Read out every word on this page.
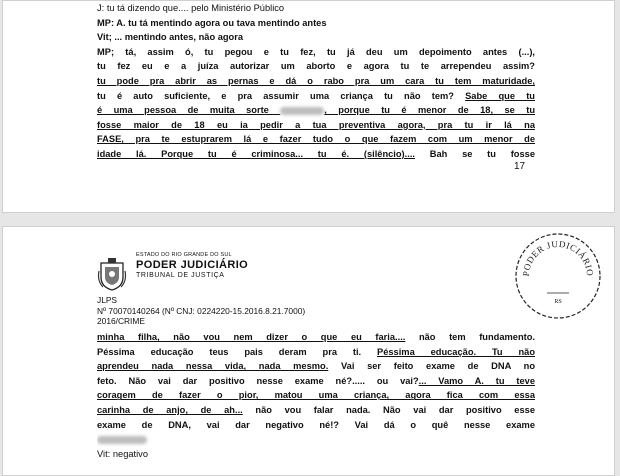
J: tu tá dizendo que.... pelo Ministério Público
MP: A. tu tá mentindo agora ou tava mentindo antes
Vit; ... mentindo antes, não agora
MP; tá, assim ó, tu pegou e tu fez, tu já deu um depoimento antes (...),
tu fez eu e a juíza autorizar um aborto e agora tu te arrependeu assim?
tu pode pra abrir as pernas e dá o rabo pra um cara tu tem maturidade,
tu é auto suficiente, e pra assumir uma criança tu não tem? Sabe que tu
é uma pessoa de muita sorte	, porque tu é menor de 18, se tu
fosse maior de 18 eu ia pedir a tua preventiva agora, pra tu ir lá na
FASE, pra te estuprarem lá e fazer tudo o que fazem com um menor de
idade lá. Porque tu é criminosa... tu é. (silêncio).... Bah se tu fosse
17
ESTADO DO RIO GRANDE DO SUL
PODER JUDICIÁRIO
TRIBUNAL DE JUSTIÇA	PODER JUDICIÁRIO
RS
JLPS
Nº 70070140264 (Nº CNJ: 0224220-15.2016.8.21.7000)
2016/CRIME
minha filha, não vou nem dizer o que eu faria.... não tem fundamento.
Péssima educação teus pais deram pra ti. Péssima educação. Tu não
aprendeu nada nessa vida, nada mesmo. Vai ser feito exame de DNA no
feto. Não vai dar positivo nesse exame né?..... ou vai?... Vamo A. tu teve
coragem de fazer o pior, matou uma criança, agora fica com essa
carinha de anjo, de ah... não vou falar nada. Não vai dar positivo esse
exame de DNA, vai dar negativo né!? Vai dá o quê nesse exame
Vit: negativo
